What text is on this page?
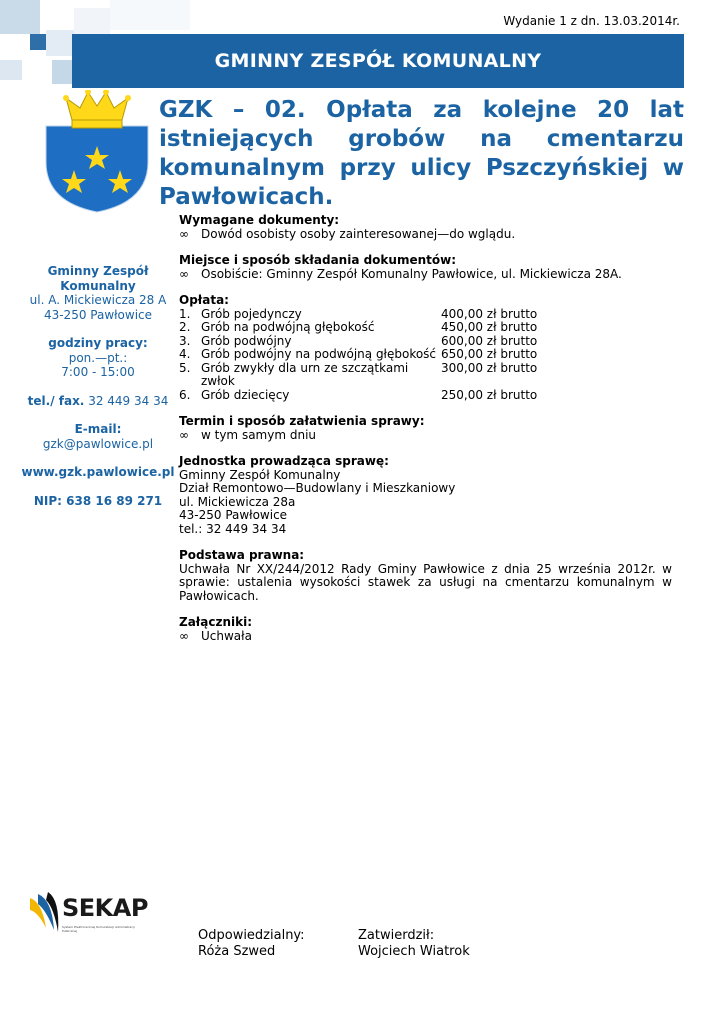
Wydanie 1 z dn. 13.03.2014r.
GMINNY ZESPÓŁ KOMUNALNY
GZK – 02. Opłata za kolejne 20 lat istniejących grobów na cmentarzu komunalnym przy ulicy Pszczyńskiej w Pawłowicach.
Gminny Zespół
Komunalny
ul. A. Mickiewicza 28 A
43-250 Pawłowice
godziny pracy:
pon.—pt.:
7:00 - 15:00
tel./ fax. 32 449 34 34
E-mail:
gzk@pawlowice.pl
www.gzk.pawlowice.pl
NIP: 638 16 89 271
Wymagane dokumenty:
∞	Dowód osobisty osoby zainteresowanej—do wglądu.
Miejsce i sposób składania dokumentów:
∞	Osobiście: Gminny Zespół Komunalny Pawłowice, ul. Mickiewicza 28A.
Opłata:
1. Grób pojedynczy	400,00 zł brutto
2. Grób na podwójną głębokość	450,00 zł brutto
3. Grób podwójny	600,00 zł brutto
4. Grób podwójny na podwójną głębokość 650,00 zł brutto
5. Grób zwykły dla urn ze szczątkami zwłok
300,00 zł brutto
6. Grób dziecięcy	250,00 zł brutto
Termin i sposób załatwienia sprawy:
∞	w tym samym dniu
Jednostka prowadząca sprawę:
Gminny Zespół Komunalny
Dział Remontowo—Budowlany i Mieszkaniowy
ul. Mickiewicza 28a
43-250 Pawłowice
tel.: 32 449 34 34
Podstawa prawna:
Uchwała Nr XX/244/2012 Rady Gminy Pawłowice z dnia 25 września 2012r. w sprawie: ustalenia wysokości stawek za usługi na cmentarzu komunalnym w Pawłowicach.
Załączniki:
∞	Uchwała
SEKAP
System Elektronicznej Komunikacji Administracji Publicznej	Odpowiedzialny:
Róża Szwed
Zatwierdził:
Wojciech Wiatrok
